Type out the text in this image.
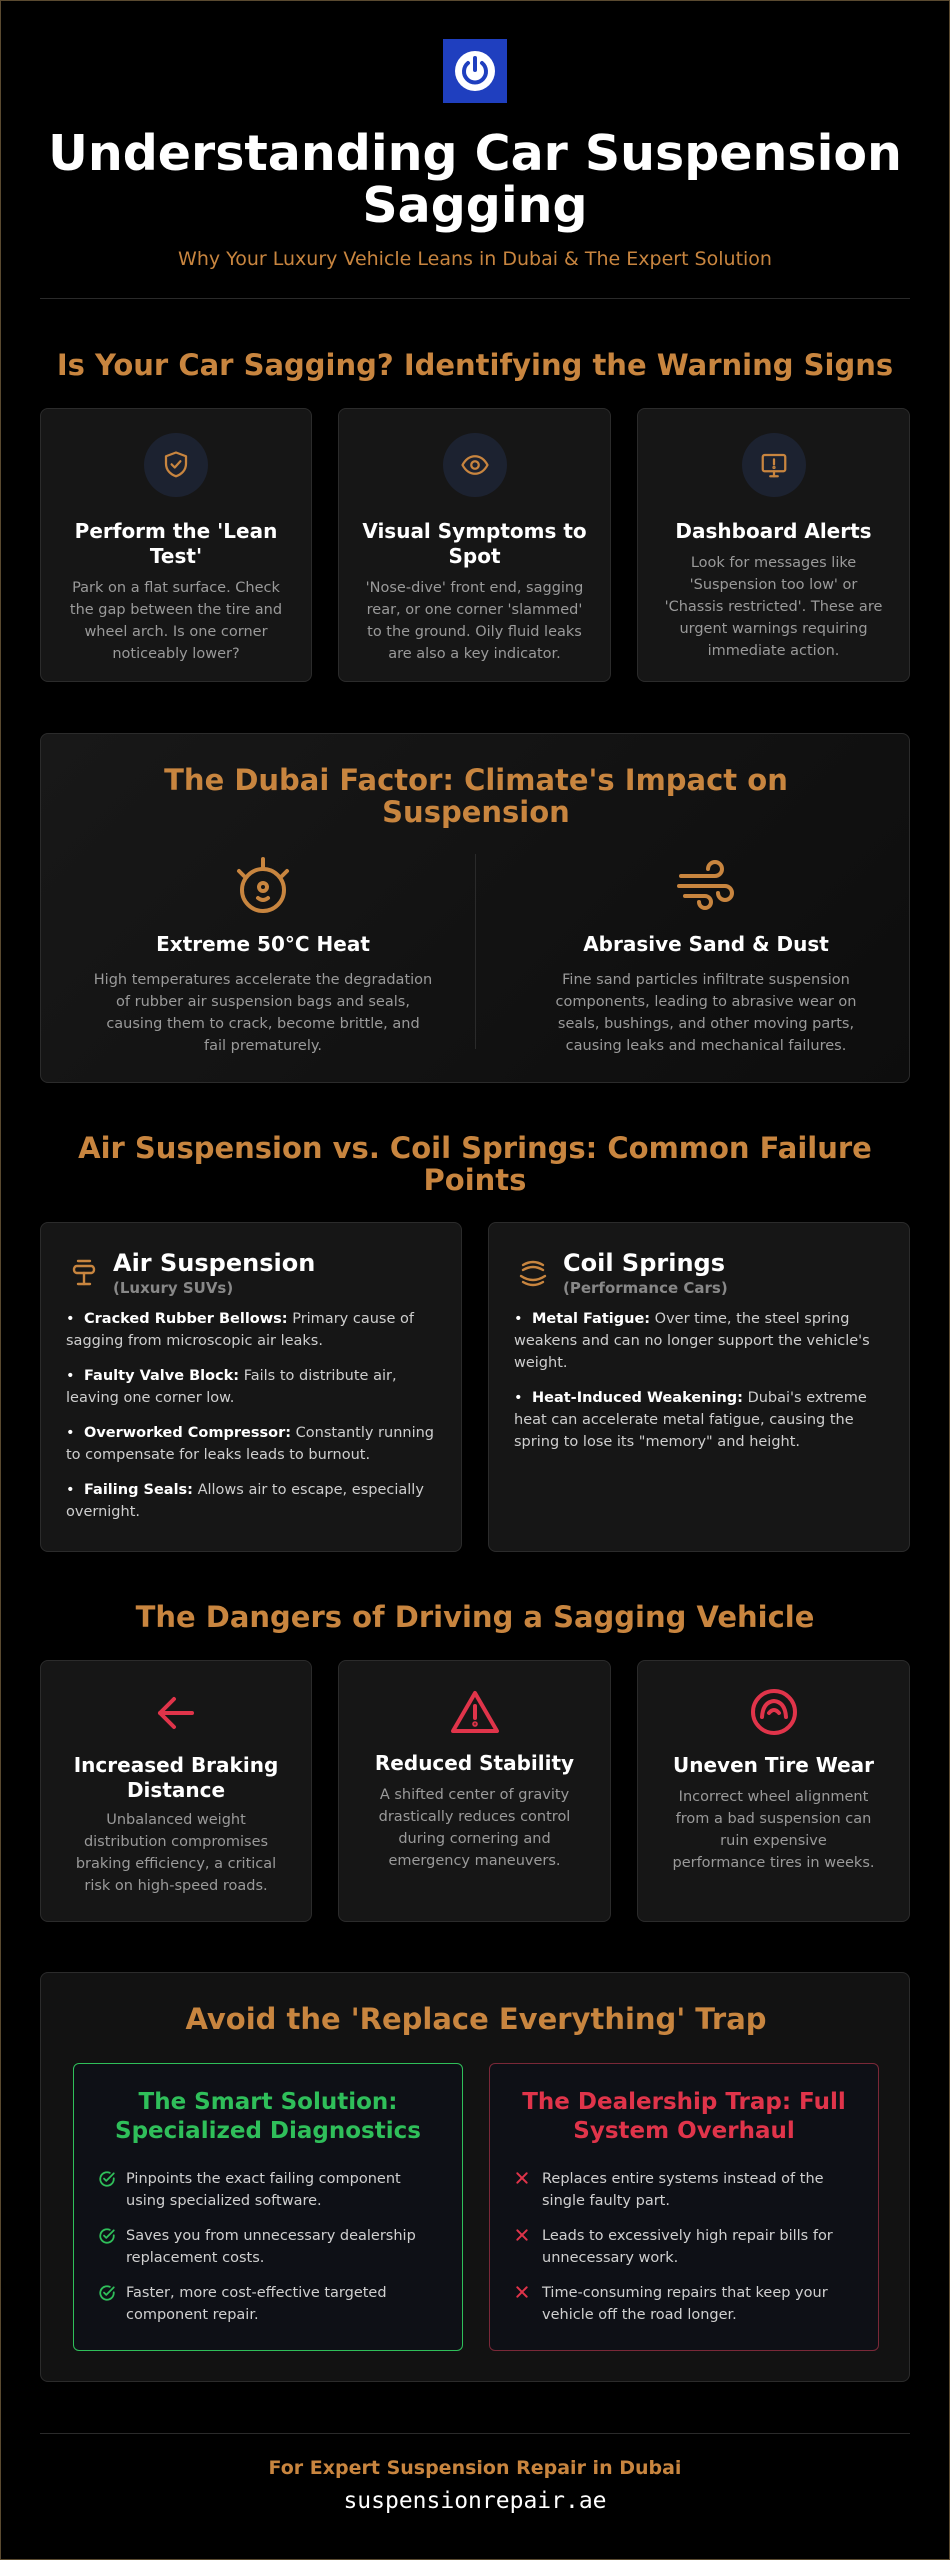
Understanding Car Suspension Sagging
Why Your Luxury Vehicle Leans in Dubai & The Expert Solution
Is Your Car Sagging? Identifying the Warning Signs
Perform the 'Lean Test'
Park on a flat surface. Check the gap between the tire and wheel arch. Is one corner noticeably lower?
Visual Symptoms to Spot
'Nose-dive' front end, sagging rear, or one corner 'slammed' to the ground. Oily fluid leaks are also a key indicator.
Dashboard Alerts
Look for messages like 'Suspension too low' or 'Chassis restricted'. These are urgent warnings requiring immediate action.
The Dubai Factor: Climate's Impact on Suspension
Extreme 50°C Heat
High temperatures accelerate the degradation of rubber air suspension bags and seals, causing them to crack, become brittle, and fail prematurely.
Abrasive Sand & Dust
Fine sand particles infiltrate suspension components, leading to abrasive wear on seals, bushings, and other moving parts, causing leaks and mechanical failures.
Air Suspension vs. Coil Springs: Common Failure Points
Air Suspension
(Luxury SUVs)
• Cracked Rubber Bellows: Primary cause of sagging from microscopic air leaks.
• Faulty Valve Block: Fails to distribute air, leaving one corner low.
• Overworked Compressor: Constantly running to compensate for leaks leads to burnout.
• Failing Seals: Allows air to escape, especially overnight.
Coil Springs
(Performance Cars)
• Metal Fatigue: Over time, the steel spring weakens and can no longer support the vehicle's weight.
• Heat-Induced Weakening: Dubai's extreme heat can accelerate metal fatigue, causing the spring to lose its "memory" and height.
The Dangers of Driving a Sagging Vehicle
Increased Braking Distance
Unbalanced weight distribution compromises braking efficiency, a critical risk on high-speed roads.
Reduced Stability
A shifted center of gravity drastically reduces control during cornering and emergency maneuvers.
Uneven Tire Wear
Incorrect wheel alignment from a bad suspension can ruin expensive performance tires in weeks.
Avoid the 'Replace Everything' Trap
The Smart Solution: Specialized Diagnostics
Pinpoints the exact failing component using specialized software.
Saves you from unnecessary dealership replacement costs.
Faster, more cost-effective targeted component repair.
The Dealership Trap: Full System Overhaul
Replaces entire systems instead of the single faulty part.
Leads to excessively high repair bills for unnecessary work.
Time-consuming repairs that keep your vehicle off the road longer.
For Expert Suspension Repair in Dubai
suspensionrepair.ae
